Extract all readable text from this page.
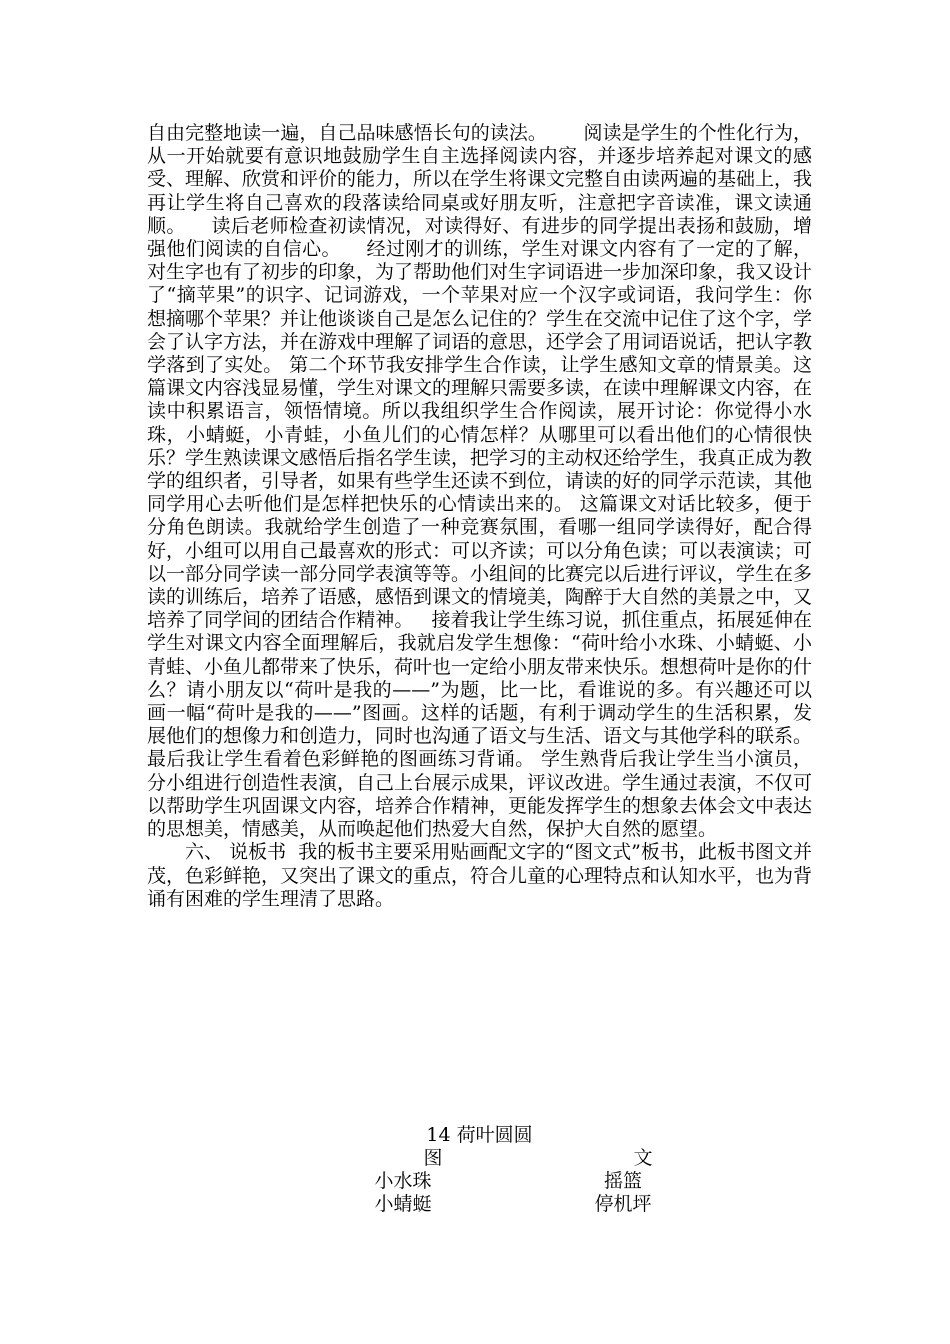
自由完整地读一遍，自己品味感悟长句的读法。      阅读是学生的个性化行为，从一开始就要有意识地鼓励学生自主选择阅读内容，并逐步培养起对课文的感受、理解、欣赏和评价的能力，所以在学生将课文完整自由读两遍的基础上，我再让学生将自己喜欢的段落读给同桌或好朋友听，注意把字音读准，课文读通顺。    读后老师检查初读情况，对读得好、有进步的同学提出表扬和鼓励，增强他们阅读的自信心。    经过刚才的训练，学生对课文内容有了一定的了解，对生字也有了初步的印象，为了帮助他们对生字词语进一步加深印象，我又设计了“摘苹果”的识字、记词游戏，一个苹果对应一个汉字或词语，我问学生：你想摘哪个苹果？并让他谈谈自己是怎么记住的？学生在交流中记住了这个字，学会了认字方法，并在游戏中理解了词语的意思，还学会了用词语说话，把认字教学落到了实处。 第二个环节我安排学生合作读，让学生感知文章的情景美。这篇课文内容浅显易懂，学生对课文的理解只需要多读，在读中理解课文内容，在读中积累语言，领悟情境。所以我组织学生合作阅读，展开讨论：你觉得小水珠，小蜻蜓，小青蛙，小鱼儿们的心情怎样？从哪里可以看出他们的心情很快乐？学生熟读课文感悟后指名学生读，把学习的主动权还给学生，我真正成为教学的组织者，引导者，如果有些学生还读不到位，请读的好的同学示范读，其他同学用心去听他们是怎样把快乐的心情读出来的。 这篇课文对话比较多，便于分角色朗读。我就给学生创造了一种竞赛氛围，看哪一组同学读得好，配合得好，小组可以用自己最喜欢的形式：可以齐读；可以分角色读；可以表演读；可以一部分同学读一部分同学表演等等。小组间的比赛完以后进行评议，学生在多读的训练后，培养了语感，感悟到课文的情境美，陶醉于大自然的美景之中，又培养了同学间的团结合作精神。   接着我让学生练习说，抓住重点，拓展延伸在学生对课文内容全面理解后，我就启发学生想像：“荷叶给小水珠、小蜻蜓、小青蛙、小鱼儿都带来了快乐，荷叶也一定给小朋友带来快乐。想想荷叶是你的什么？请小朋友以“荷叶是我的——”为题，比一比，看谁说的多。有兴趣还可以画一幅“荷叶是我的——”图画。这样的话题，有利于调动学生的生活积累，发展他们的想像力和创造力，同时也沟通了语文与生活、语文与其他学科的联系。最后我让学生看着色彩鲜艳的图画练习背诵。 学生熟背后我让学生当小演员，分小组进行创造性表演，自己上台展示成果，评议改进。学生通过表演，不仅可以帮助学生巩固课文内容，培养合作精神，更能发挥学生的想象去体会文中表达的思想美，情感美，从而唤起他们热爱大自然，保护大自然的愿望。

六、 说板书  我的板书主要采用贴画配文字的“图文式”板书，此板书图文并茂，色彩鲜艳，又突出了课文的重点，符合儿童的心理特点和认知水平，也为背诵有困难的学生理清了思路。

14 荷叶圆圆
图	文
小水珠	摇篮
小蜻蜓	停机坪
